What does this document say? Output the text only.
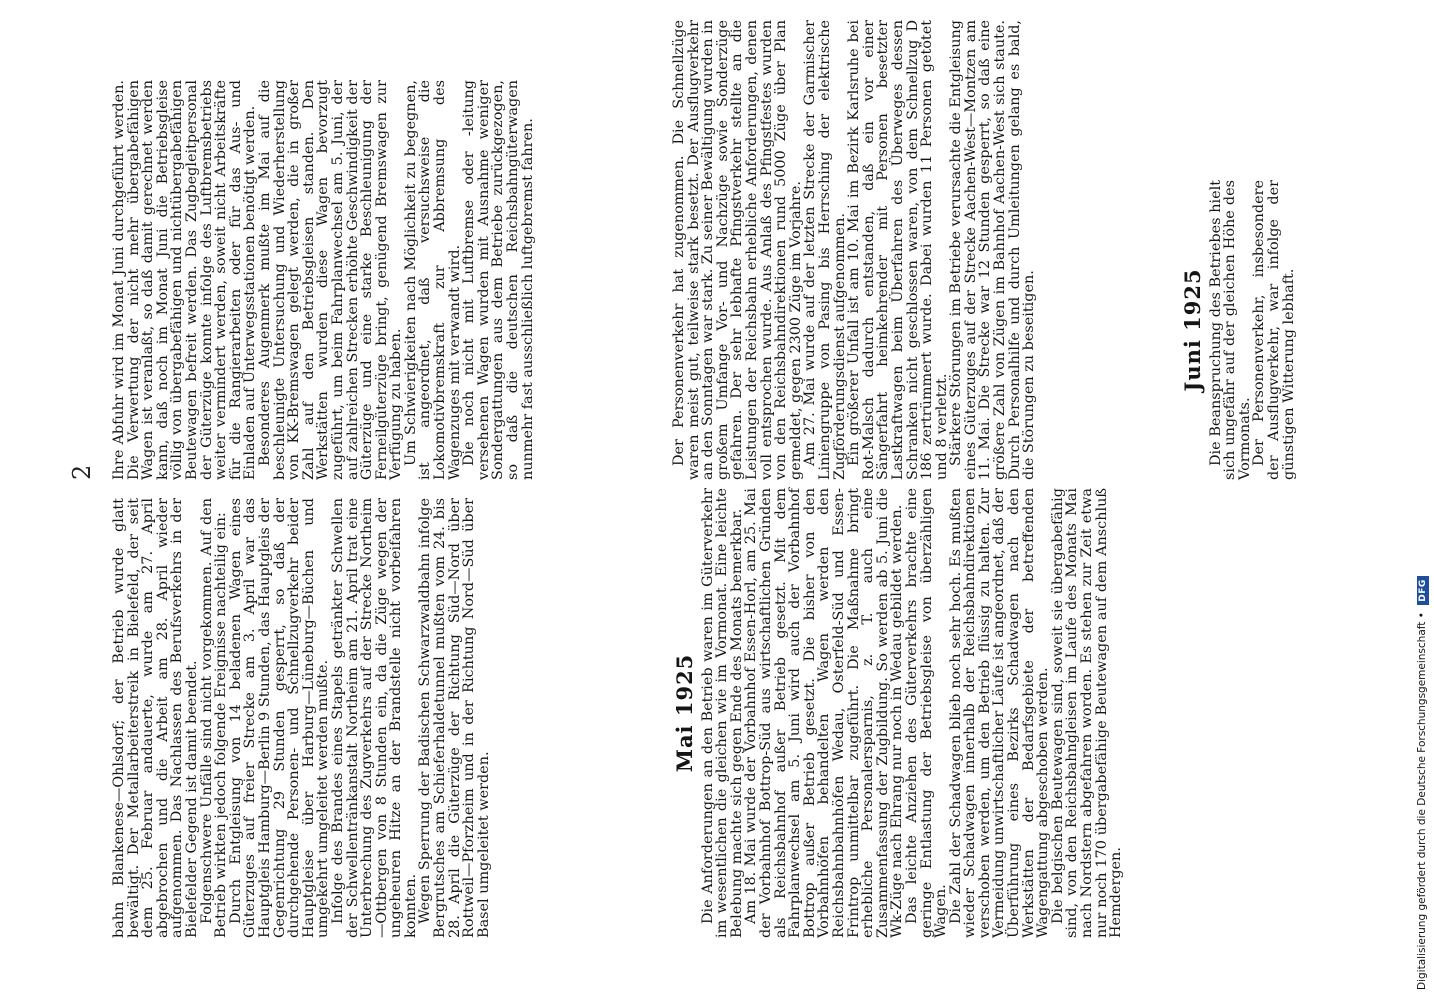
2

bahn Blankenese—Ohlsdorf; der Betrieb wurde glatt bewältigt. Der Metallarbeiterstreik in Bielefeld, der seit dem 25. Februar andauerte, wurde am 27. April abgebrochen und die Arbeit am 28. April wieder aufgenommen. Das Nachlassen des Berufsverkehrs in der Bielefelder Gegend ist damit beendet.

Folgenschwere Unfälle sind nicht vorgekommen. Auf den Betrieb wirkten jedoch folgende Ereignisse nachteilig ein:

Durch Entgleisung von 14 beladenen Wagen eines Güterzuges auf freier Strecke am 3. April war das Hauptgleis Hamburg—Berlin 9 Stunden, das Hauptgleis der Gegenrichtung 29 Stunden gesperrt, so daß der durchgehende Personen- und Schnellzugverkehr beider Hauptgleise über Harburg—Lüneburg—Büchen und umgekehrt umgeleitet werden mußte.

Infolge des Brandes eines Stapels getränkter Schwellen der Schwellentränkanstalt Northeim am 21. April trat eine Unterbrechung des Zugverkehrs auf der Strecke Northeim—Ottbergen von 8 Stunden ein, da die Züge wegen der ungeheuren Hitze an der Brandstelle nicht vorbeifahren konnten.

Wegen Sperrung der Badischen Schwarzwaldbahn infolge Bergrutsches am Schieferhaldetunnel mußten vom 24. bis 28. April die Güterzüge der Richtung Süd—Nord über Rottweil—Pforzheim und in der Richtung Nord—Süd über Basel umgeleitet werden.

Mai 1925 Die Anforderungen an den Betrieb waren im Güterverkehr im wesentlichen die gleichen wie im Vormonat. Eine leichte Belebung machte sich gegen Ende des Monats bemerkbar.

Am 18. Mai wurde der Vorbahnhof Essen-Horl, am 25. Mai der Vorbahnhof Bottrop-Süd aus wirtschaftlichen Gründen als Reichsbahnhof außer Betrieb gesetzt. Mit dem Fahrplanwechsel am 5. Juni wird auch der Vorbahnhof Bottrop außer Betrieb gesetzt. Die bisher von den Vorbahnhöfen behandelten Wagen werden den Reichsbahnbahnhöfen Wedau, Osterfeld-Süd und Essen-Frintrop unmittelbar zugeführt. Die Maßnahme bringt erhebliche Personalersparnis, z. T. auch eine Zusammenfassung der Zugbildung. So werden ab 5. Juni die Wk-Züge nach Ehrang nur noch in Wedau gebildet werden.

Das leichte Anziehen des Güterverkehrs brachte eine geringe Entlastung der Betriebsgleise von überzähligen Wagen.

Die Zahl der Schadwagen blieb noch sehr hoch. Es mußten wieder Schadwagen innerhalb der Reichsbahndirektionen verschoben werden, um den Betrieb flüssig zu halten. Zur Vermeidung unwirtschaftlicher Läufe ist angeordnet, daß der Überführung eines Bezirks Schadwagen nach den Werkstätten der Bedarfsgebiete der betreffenden Wagengattung abgeschoben werden.

Die belgischen Beutewagen sind, soweit sie übergabefähig sind, von den Reichsbahngleisen im Laufe des Monats Mai nach Nordstern abgefahren worden. Es stehen zur Zeit etwa nur noch 170 übergabefähige Beutewagen auf dem Anschluß Hemdergen.

Ihre Abfuhr wird im Monat Juni durchgeführt werden. Die Verwertung der nicht mehr übergabefähigen Wagen ist veranlaßt, so daß damit gerechnet werden kann, daß noch im Monat Juni die Betriebsgleise völlig von übergabefähigen und nichtübergabefähigen Beutewagen befreit werden. Das Zugbegleitpersonal der Güterzüge konnte infolge des Luftbremsbetriebs weiter vermindert werden, soweit nicht Arbeitskräfte für die Rangierarbeiten oder für das Aus- und Einladen auf Unterwegsstationen benötigt werden.

Besonderes Augenmerk mußte im Mai auf die beschleunigte Untersuchung und Wiederherstellung von KK-Bremswagen gelegt werden, die in großer Zahl auf den Betriebsgleisen standen. Den Werkstätten wurden diese Wagen bevorzugt zugeführt, um beim Fahrplanwechsel am 5. Juni, der auf zahlreichen Strecken erhöhte Geschwindigkeit der Güterzüge und eine starke Beschleunigung der Ferneilgüterzüge bringt, genügend Bremswagen zur Verfügung zu haben.

Um Schwierigkeiten nach Möglichkeit zu begegnen, ist angeordnet, daß versuchsweise die Lokomotivbremskraft zur Abbremsung des Wagenzuges mit verwandt wird.

Die noch nicht mit Luftbremse oder -leitung versehenen Wagen wurden mit Ausnahme weniger Sondergattungen aus dem Betriebe zurückgezogen, so daß die deutschen Reichsbahngüterwagen nunmehr fast ausschließlich luftgebremst fahren.	Der Personenverkehr hat zugenommen. Die Schnellzüge waren meist gut, teilweise stark besetzt. Der Ausflugverkehr an den Sonntagen war stark. Zu seiner Bewältigung wurden in großem Umfange Vor- und Nachzüge sowie Sonderzüge gefahren. Der sehr lebhafte Pfingstverkehr stellte an die Leistungen der Reichsbahn erhebliche Anforderungen, denen voll entsprochen wurde. Aus Anlaß des Pfingstfestes wurden von den Reichsbahndirektionen rund 5000 Züge über Plan gemeldet, gegen 2300 Züge im Vorjahre.

Am 27. Mai wurde auf der letzten Strecke der Garmischer Liniengruppe von Pasing bis Herrsching der elektrische Zugförderungsdienst aufgenommen.

Ein größerer Unfall ist am 10. Mai im Bezirk Karlsruhe bei Rot-Malsch dadurch entstanden, daß ein vor einer Sängerfahrt heimkehrender mit Personen besetzter Lastkraftwagen beim Überfahren des Überweges dessen Schranken nicht geschlossen waren, von dem Schnellzug D 186 zertrümmert wurde. Dabei wurden 11 Personen getötet und 8 verletzt.

Stärkere Störungen im Betriebe verursachte die Entgleisung eines Güterzuges auf der Strecke Aachen-West—Montzen am 11. Mai. Die Strecke war 12 Stunden gesperrt, so daß eine größere Zahl von Zügen im Bahnhof Aachen-West sich staute. Durch Personalhilfe und durch Umleitungen gelang es bald, die Störungen zu beseitigen.	Juni 1925 Die Beanspruchung des Betriebes hielt sich ungefähr auf der gleichen Höhe des Vormonats.

Der Personenverkehr, insbesondere der Ausflugverkehr, war infolge der günstigen Witterung lebhaft.

Digitalisierung gefördert durch die Deutsche Forschungsgemeinschaft • DFG
